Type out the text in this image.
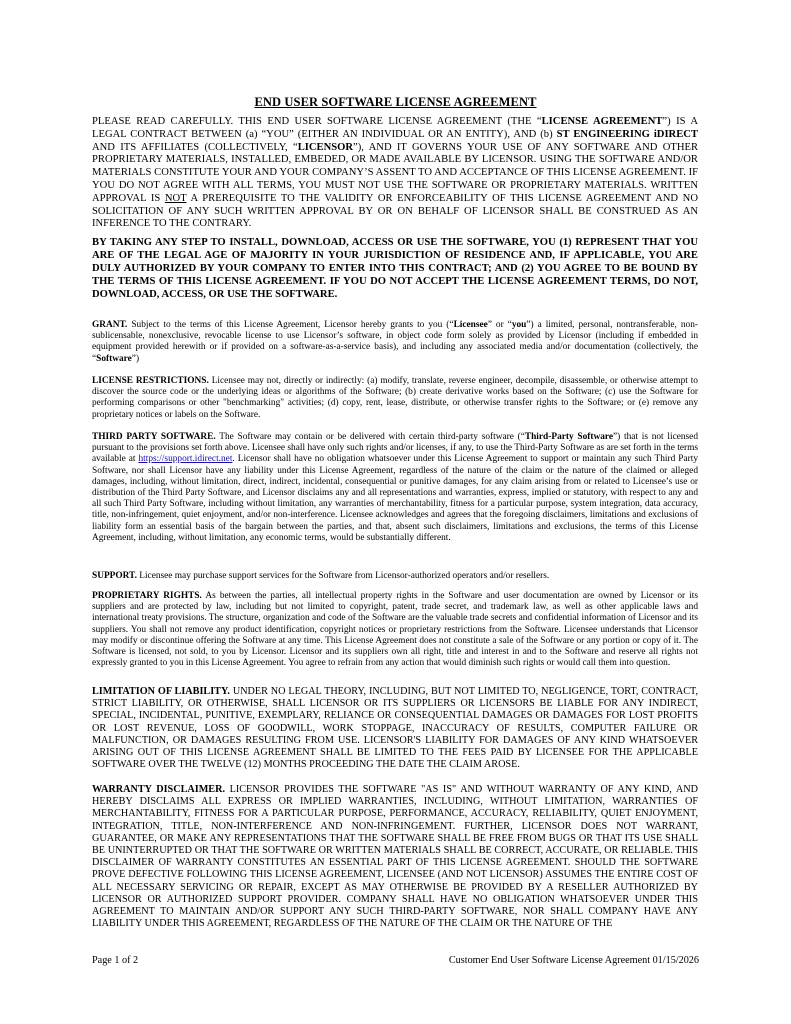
END USER SOFTWARE LICENSE AGREEMENT
PLEASE READ CAREFULLY. THIS END USER SOFTWARE LICENSE AGREEMENT (THE “LICENSE AGREEMENT”) IS A LEGAL CONTRACT BETWEEN (a) “YOU” (EITHER AN INDIVIDUAL OR AN ENTITY), AND (b) ST ENGINEERING iDIRECT AND ITS AFFILIATES (COLLECTIVELY, “LICENSOR”), AND IT GOVERNS YOUR USE OF ANY SOFTWARE AND OTHER PROPRIETARY MATERIALS, INSTALLED, EMBEDED, OR MADE AVAILABLE BY LICENSOR. USING THE SOFTWARE AND/OR MATERIALS CONSTITUTE YOUR AND YOUR COMPANY’S ASSENT TO AND ACCEPTANCE OF THIS LICENSE AGREEMENT. IF YOU DO NOT AGREE WITH ALL TERMS, YOU MUST NOT USE THE SOFTWARE OR PROPRIETARY MATERIALS. WRITTEN APPROVAL IS NOT A PREREQUISITE TO THE VALIDITY OR ENFORCEABILITY OF THIS LICENSE AGREEMENT AND NO SOLICITATION OF ANY SUCH WRITTEN APPROVAL BY OR ON BEHALF OF LICENSOR SHALL BE CONSTRUED AS AN INFERENCE TO THE CONTRARY.
BY TAKING ANY STEP TO INSTALL, DOWNLOAD, ACCESS OR USE THE SOFTWARE, YOU (1) REPRESENT THAT YOU ARE OF THE LEGAL AGE OF MAJORITY IN YOUR JURISDICTION OF RESIDENCE AND, IF APPLICABLE, YOU ARE DULY AUTHORIZED BY YOUR COMPANY TO ENTER INTO THIS CONTRACT; AND (2) YOU AGREE TO BE BOUND BY THE TERMS OF THIS LICENSE AGREEMENT. IF YOU DO NOT ACCEPT THE LICENSE AGREEMENT TERMS, DO NOT, DOWNLOAD, ACCESS, OR USE THE SOFTWARE.
GRANT. Subject to the terms of this License Agreement, Licensor hereby grants to you (“Licensee” or “you”) a limited, personal, nontransferable, non-sublicensable, nonexclusive, revocable license to use Licensor’s software, in object code form solely as provided by Licensor (including if embedded in equipment provided herewith or if provided on a software-as-a-service basis), and including any associated media and/or documentation (collectively, the “Software”)
LICENSE RESTRICTIONS. Licensee may not, directly or indirectly: (a) modify, translate, reverse engineer, decompile, disassemble, or otherwise attempt to discover the source code or the underlying ideas or algorithms of the Software; (b) create derivative works based on the Software; (c) use the Software for performing comparisons or other "benchmarking" activities; (d) copy, rent, lease, distribute, or otherwise transfer rights to the Software; or (e) remove any proprietary notices or labels on the Software.
THIRD PARTY SOFTWARE. The Software may contain or be delivered with certain third-party software (“Third-Party Software”) that is not licensed pursuant to the provisions set forth above. Licensee shall have only such rights and/or licenses, if any, to use the Third-Party Software as are set forth in the terms available at https://support.idirect.net. Licensor shall have no obligation whatsoever under this License Agreement to support or maintain any such Third Party Software, nor shall Licensor have any liability under this License Agreement, regardless of the nature of the claim or the nature of the claimed or alleged damages, including, without limitation, direct, indirect, incidental, consequential or punitive damages, for any claim arising from or related to Licensee’s use or distribution of the Third Party Software, and Licensor disclaims any and all representations and warranties, express, implied or statutory, with respect to any and all such Third Party Software, including without limitation, any warranties of merchantability, fitness for a particular purpose, system integration, data accuracy, title, non-infringement, quiet enjoyment, and/or non-interference. Licensee acknowledges and agrees that the foregoing disclaimers, limitations and exclusions of liability form an essential basis of the bargain between the parties, and that, absent such disclaimers, limitations and exclusions, the terms of this License Agreement, including, without limitation, any economic terms, would be substantially different.
SUPPORT. Licensee may purchase support services for the Software from Licensor-authorized operators and/or resellers.
PROPRIETARY RIGHTS. As between the parties, all intellectual property rights in the Software and user documentation are owned by Licensor or its suppliers and are protected by law, including but not limited to copyright, patent, trade secret, and trademark law, as well as other applicable laws and international treaty provisions. The structure, organization and code of the Software are the valuable trade secrets and confidential information of Licensor and its suppliers. You shall not remove any product identification, copyright notices or proprietary restrictions from the Software. Licensee understands that Licensor may modify or discontinue offering the Software at any time. This License Agreement does not constitute a sale of the Software or any portion or copy of it. The Software is licensed, not sold, to you by Licensor. Licensor and its suppliers own all right, title and interest in and to the Software and reserve all rights not expressly granted to you in this License Agreement. You agree to refrain from any action that would diminish such rights or would call them into question.
LIMITATION OF LIABILITY. UNDER NO LEGAL THEORY, INCLUDING, BUT NOT LIMITED TO, NEGLIGENCE, TORT, CONTRACT, STRICT LIABILITY, OR OTHERWISE, SHALL LICENSOR OR ITS SUPPLIERS OR LICENSORS BE LIABLE FOR ANY INDIRECT, SPECIAL, INCIDENTAL, PUNITIVE, EXEMPLARY, RELIANCE OR CONSEQUENTIAL DAMAGES OR DAMAGES FOR LOST PROFITS OR LOST REVENUE, LOSS OF GOODWILL, WORK STOPPAGE, INACCURACY OF RESULTS, COMPUTER FAILURE OR MALFUNCTION, OR DAMAGES RESULTING FROM USE. LICENSOR'S LIABILITY FOR DAMAGES OF ANY KIND WHATSOEVER ARISING OUT OF THIS LICENSE AGREEMENT SHALL BE LIMITED TO THE FEES PAID BY LICENSEE FOR THE APPLICABLE SOFTWARE OVER THE TWELVE (12) MONTHS PROCEEDING THE DATE THE CLAIM AROSE.
WARRANTY DISCLAIMER. LICENSOR PROVIDES THE SOFTWARE "AS IS" AND WITHOUT WARRANTY OF ANY KIND, AND HEREBY DISCLAIMS ALL EXPRESS OR IMPLIED WARRANTIES, INCLUDING, WITHOUT LIMITATION, WARRANTIES OF MERCHANTABILITY, FITNESS FOR A PARTICULAR PURPOSE, PERFORMANCE, ACCURACY, RELIABILITY, QUIET ENJOYMENT, INTEGRATION, TITLE, NON-INTERFERENCE AND NON-INFRINGEMENT. FURTHER, LICENSOR DOES NOT WARRANT, GUARANTEE, OR MAKE ANY REPRESENTATIONS THAT THE SOFTWARE SHALL BE FREE FROM BUGS OR THAT ITS USE SHALL BE UNINTERRUPTED OR THAT THE SOFTWARE OR WRITTEN MATERIALS SHALL BE CORRECT, ACCURATE, OR RELIABLE. THIS DISCLAIMER OF WARRANTY CONSTITUTES AN ESSENTIAL PART OF THIS LICENSE AGREEMENT. SHOULD THE SOFTWARE PROVE DEFECTIVE FOLLOWING THIS LICENSE AGREEMENT, LICENSEE (AND NOT LICENSOR) ASSUMES THE ENTIRE COST OF ALL NECESSARY SERVICING OR REPAIR, EXCEPT AS MAY OTHERWISE BE PROVIDED BY A RESELLER AUTHORIZED BY LICENSOR OR AUTHORIZED SUPPORT PROVIDER. COMPANY SHALL HAVE NO OBLIGATION WHATSOEVER UNDER THIS AGREEMENT TO MAINTAIN AND/OR SUPPORT ANY SUCH THIRD-PARTY SOFTWARE, NOR SHALL COMPANY HAVE ANY LIABILITY UNDER THIS AGREEMENT, REGARDLESS OF THE NATURE OF THE CLAIM OR THE NATURE OF THE
Page 1 of 2	Customer End User Software License Agreement 01/15/2026
